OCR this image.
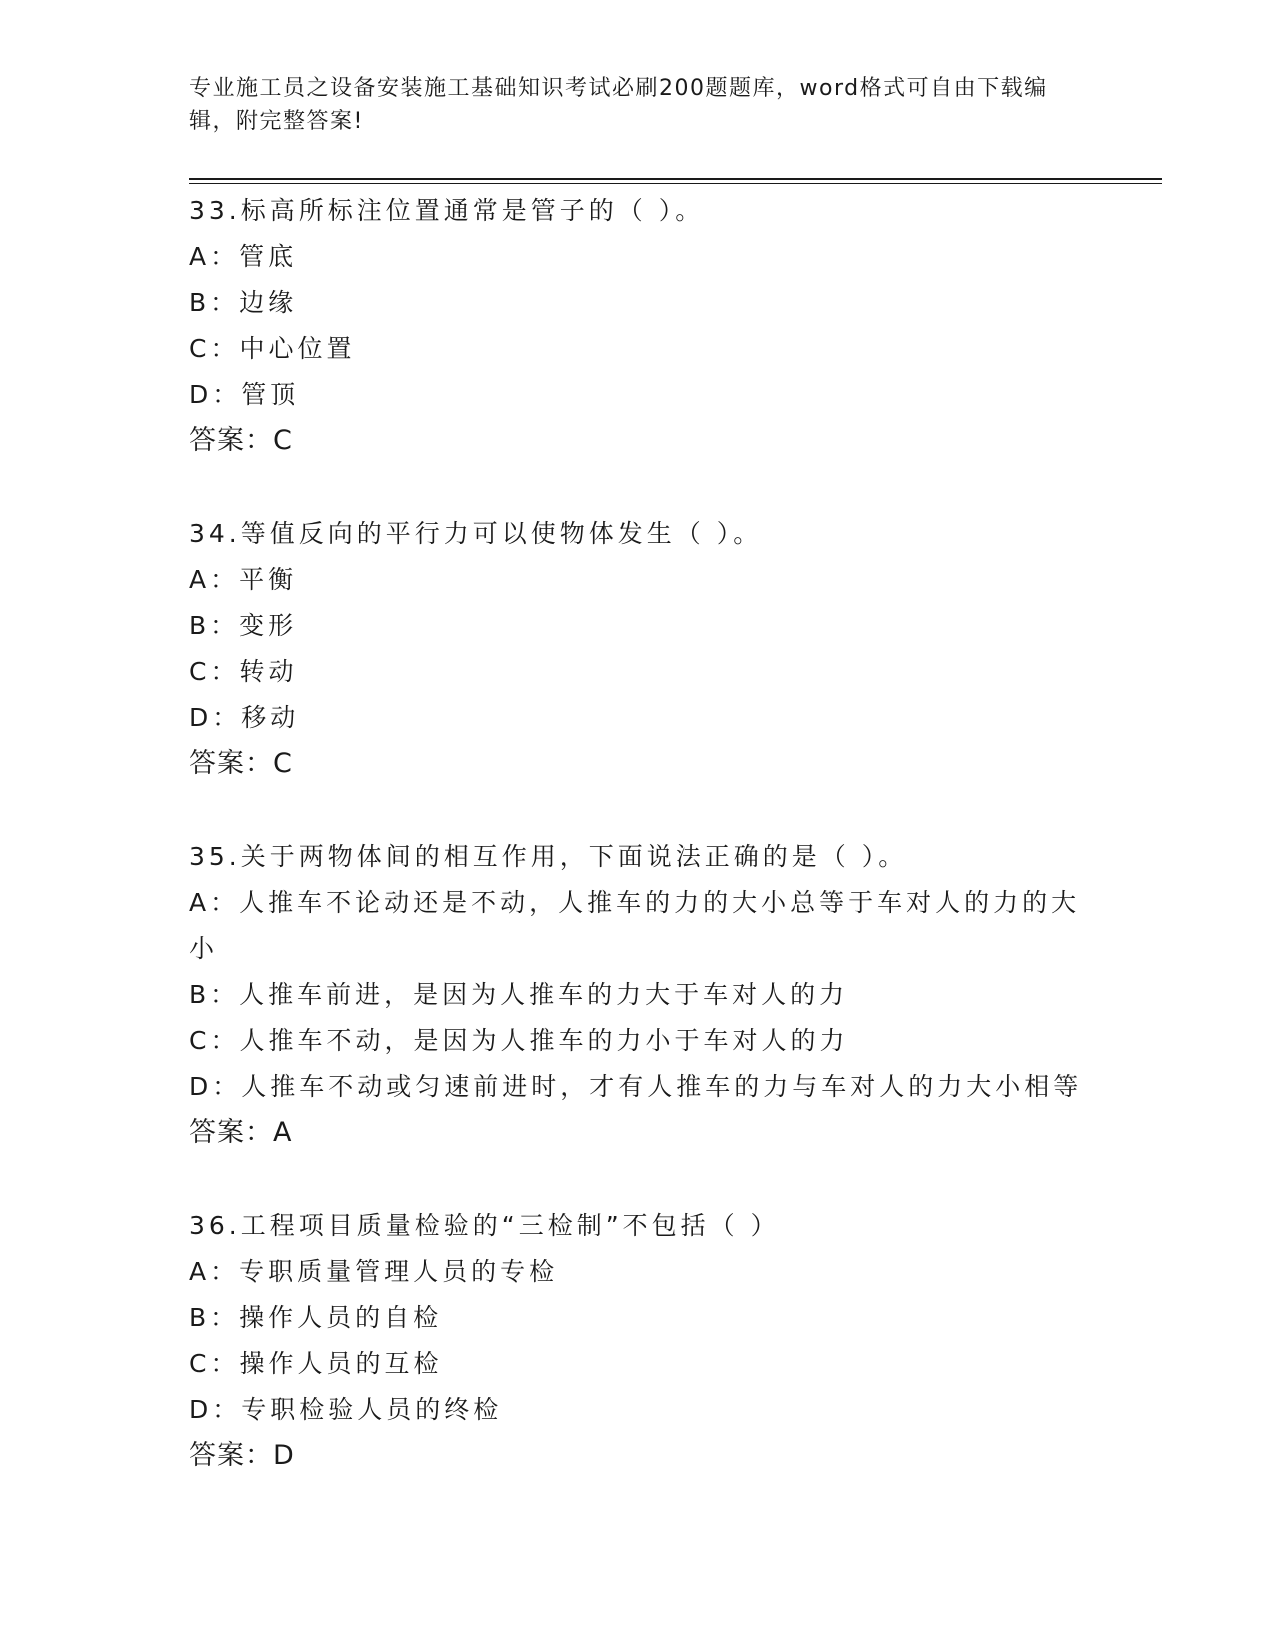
专业施工员之设备安装施工基础知识考试必刷200题题库，word格式可自由下载编辑，附完整答案!
33.标高所标注位置通常是管子的（ ）。
A：管底
B：边缘
C：中心位置
D：管顶
答案：C
34.等值反向的平行力可以使物体发生（ ）。
A：平衡
B：变形
C：转动
D：移动
答案：C
35.关于两物体间的相互作用，下面说法正确的是（ ）。
A：人推车不论动还是不动，人推车的力的大小总等于车对人的力的大小
B：人推车前进，是因为人推车的力大于车对人的力
C：人推车不动，是因为人推车的力小于车对人的力
D：人推车不动或匀速前进时，才有人推车的力与车对人的力大小相等
答案：A
36.工程项目质量检验的“三检制”不包括（ ）
A：专职质量管理人员的专检
B：操作人员的自检
C：操作人员的互检
D：专职检验人员的终检
答案：D
